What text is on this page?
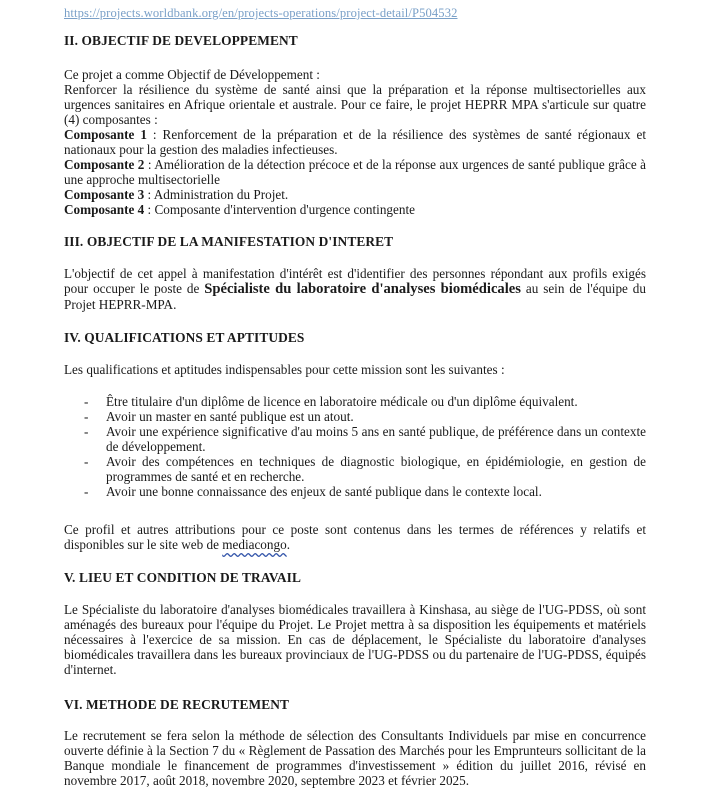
https://projects.worldbank.org/en/projects-operations/project-detail/P504532
II. OBJECTIF DE DEVELOPPEMENT
Ce projet a comme Objectif de Développement :
Renforcer la résilience du système de santé ainsi que la préparation et la réponse multisectorielles aux urgences sanitaires en Afrique orientale et australe. Pour ce faire, le projet HEPRR MPA s'articule sur quatre (4) composantes :
Composante 1 : Renforcement de la préparation et de la résilience des systèmes de santé régionaux et nationaux pour la gestion des maladies infectieuses.
Composante 2 : Amélioration de la détection précoce et de la réponse aux urgences de santé publique grâce à une approche multisectorielle
Composante 3 : Administration du Projet.
Composante 4 : Composante d'intervention d'urgence contingente
III. OBJECTIF DE LA MANIFESTATION D'INTERET
L'objectif de cet appel à manifestation d'intérêt est d'identifier des personnes répondant aux profils exigés pour occuper le poste de Spécialiste du laboratoire d'analyses biomédicales au sein de l'équipe du Projet HEPRR-MPA.
IV. QUALIFICATIONS ET APTITUDES
Les qualifications et aptitudes indispensables pour cette mission sont les suivantes :
- Être titulaire d'un diplôme de licence en laboratoire médicale ou d'un diplôme équivalent.
- Avoir un master en santé publique est un atout.
- Avoir une expérience significative d'au moins 5 ans en santé publique, de préférence dans un contexte de développement.
- Avoir des compétences en techniques de diagnostic biologique, en épidémiologie, en gestion de programmes de santé et en recherche.
- Avoir une bonne connaissance des enjeux de santé publique dans le contexte local.
Ce profil et autres attributions pour ce poste sont contenus dans les termes de références y relatifs et disponibles sur le site web de mediacongo.
V. LIEU ET CONDITION DE TRAVAIL
Le Spécialiste du laboratoire d'analyses biomédicales travaillera à Kinshasa, au siège de l'UG-PDSS, où sont aménagés des bureaux pour l'équipe du Projet. Le Projet mettra à sa disposition les équipements et matériels nécessaires à l'exercice de sa mission. En cas de déplacement, le Spécialiste du laboratoire d'analyses biomédicales travaillera dans les bureaux provinciaux de l'UG-PDSS ou du partenaire de l'UG-PDSS, équipés d'internet.
VI. METHODE DE RECRUTEMENT
Le recrutement se fera selon la méthode de sélection des Consultants Individuels par mise en concurrence ouverte définie à la Section 7 du « Règlement de Passation des Marchés pour les Emprunteurs sollicitant de la Banque mondiale le financement de programmes d'investissement » édition du juillet 2016, révisé en novembre 2017, août 2018, novembre 2020, septembre 2023 et février 2025.
